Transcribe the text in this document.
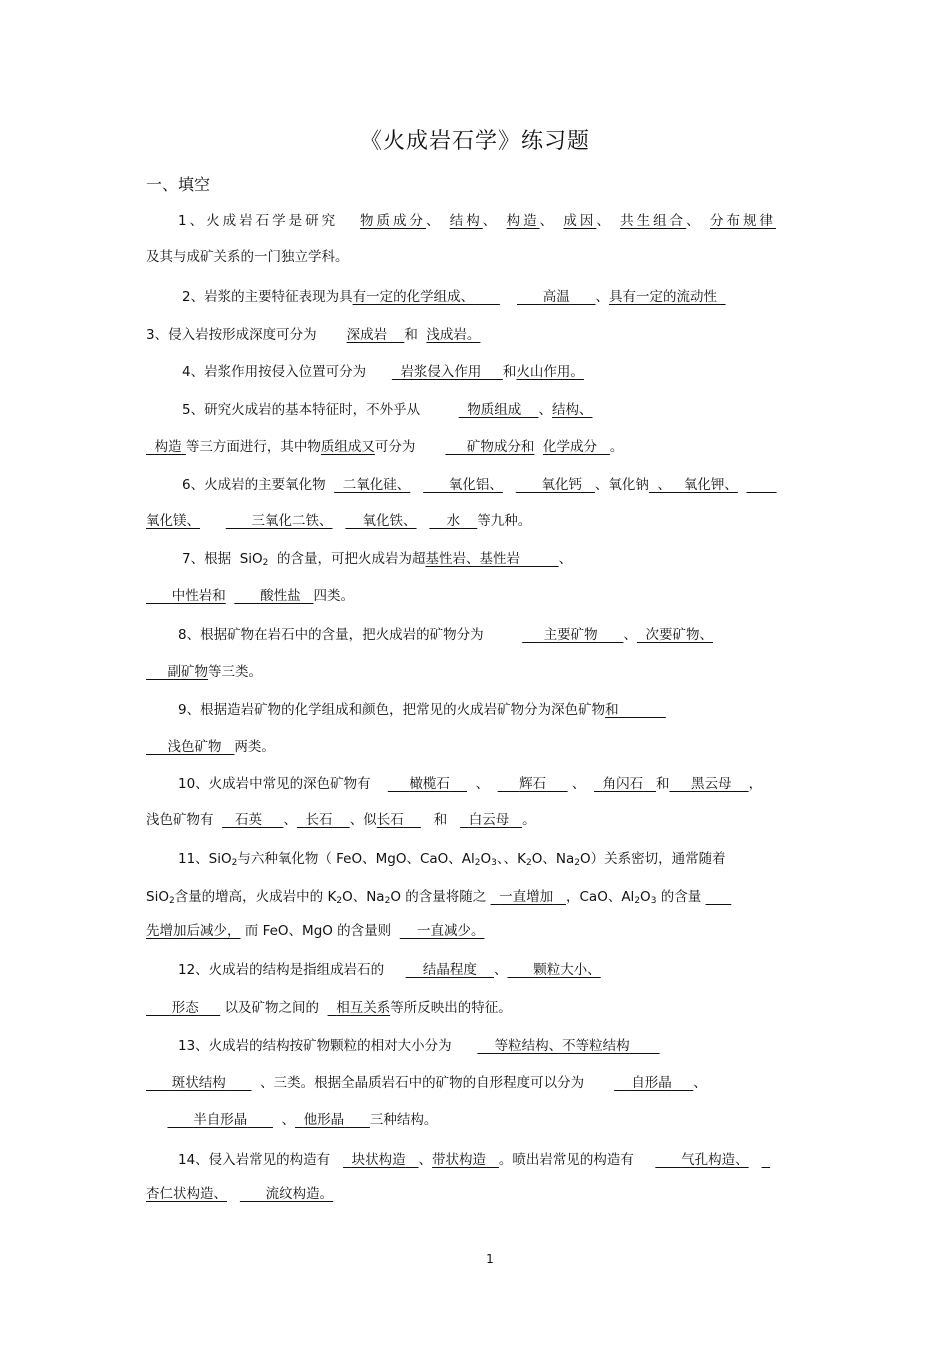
《火成岩石学》练习题
一、填空
1、火成岩石学是研究 物质成分、 结构、 构造、 成因、 共生组合、 分布规律
及其与成矿关系的一门独立学科。
2、岩浆的主要特征表现为具有一定的化学组成、	高温 、具有一定的流动性
3、侵入岩按形成深度可分为 深成岩 和 浅成岩。
4、岩浆作用按侵入位置可分为	岩浆侵入作用 和火山作用。
5、研究火成岩的基本特征时，不外乎从	物质组成 、结构、
构造 等三方面进行，其中物质组成又可分为	矿物成分和 化学成分 。
6、火成岩的主要氧化物 二氧化硅、	氧化铝、	氧化钙 、氧化钠 、 氧化钾、
氧化镁、	三氧化二铁、 氧化铁、 水 等九种。
7、根据 SiO$_2$ 的含量，可把火成岩为超基性岩、基性岩	、
中性岩和	酸性盐 四类。
8、根据矿物在岩石中的含量，把火成岩的矿物分为	主要矿物 、 次要矿物、
副矿物等三类。
9、根据造岩矿物的化学组成和颜色，把常见的火成岩矿物分为深色矿物和
浅色矿物 两类。
10、火成岩中常见的深色矿物有	橄榄石 、 辉石 、 角闪石 和 黑云母 ，
浅色矿物有 石英 、 长石 、似长石 和 白云母 。
11、SiO$_2$与六种氧化物（ FeO、MgO、CaO、$Al_2O_3$、、$K_2O$、$Na_2O$）关系密切，通常随着
SiO$_2$含量的增高，火成岩中的 $K_2O$、$Na_2O$ 的含量将随之 一直增加 ，CaO、$Al_2O_3$ 的含量
先增加后减少， 而 FeO、MgO 的含量则 一直减少。
12、火成岩的结构是指组成岩石的	结晶程度 、 颗粒大小、
形态 以及矿物之间的 相互关系等所反映出的特征。
13、火成岩的结构按矿物颗粒的相对大小分为	等粒结构、不等粒结构
斑状结构	、三类。根据全晶质岩石中的矿物的自形程度可以分为	自形晶 、
半自形晶	、 他形晶 三种结构。
14、侵入岩常见的构造有 块状构造 、带状构造 。喷出岩常见的构造有	气孔构造、
杏仁状构造、	流纹构造。
1
